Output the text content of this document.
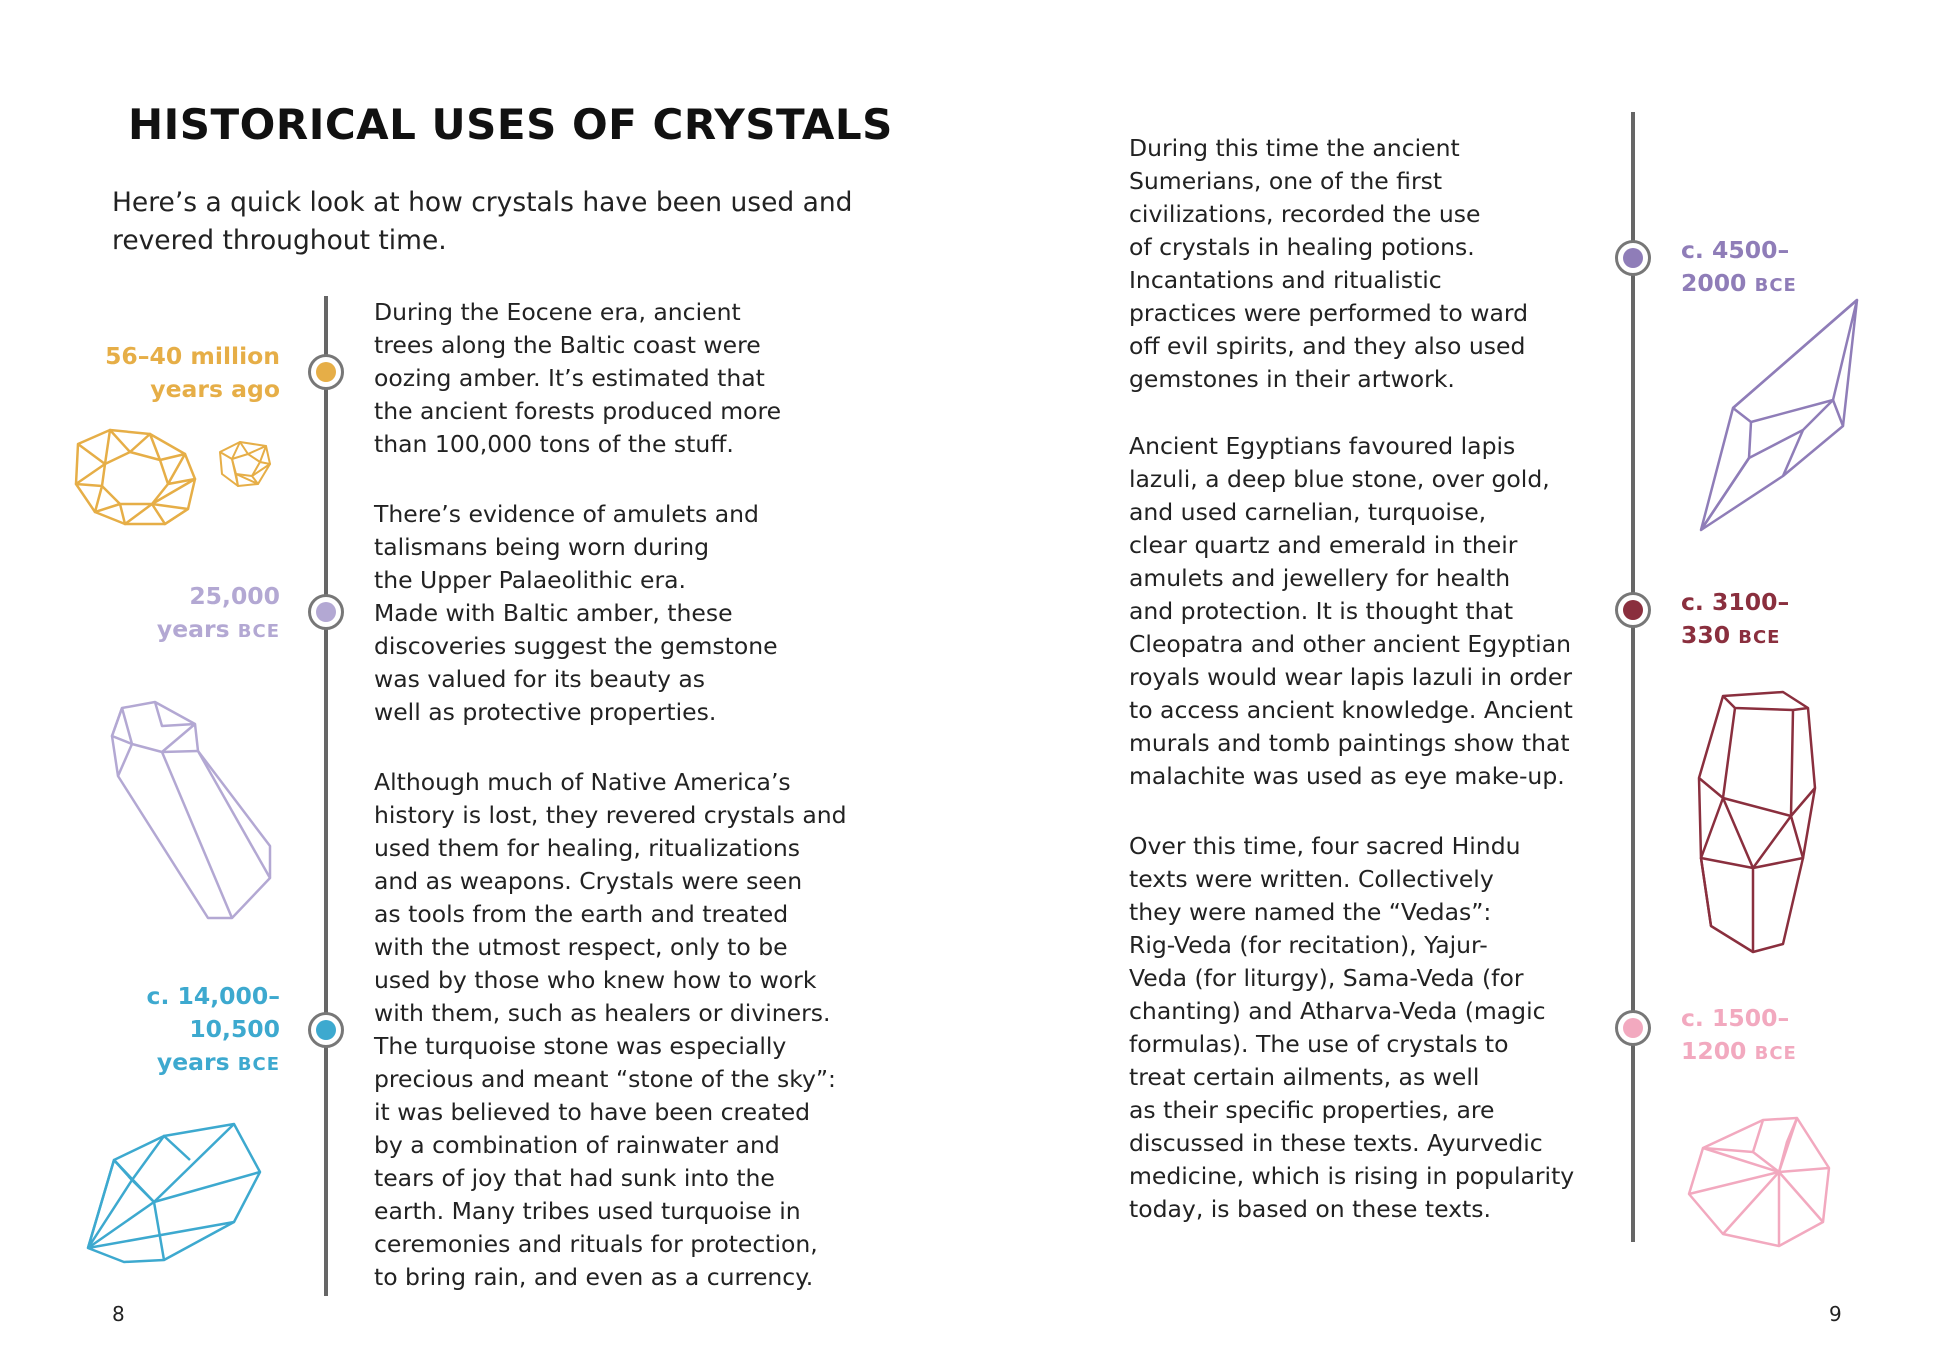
HISTORICAL USES OF CRYSTALS

Here’s a quick look at how crystals have been used and
revered throughout time.

56–40 million
years ago

During the Eocene era, ancient
trees along the Baltic coast were
oozing amber. It’s estimated that
the ancient forests produced more
than 100,000 tons of the stuff.

25,000
years BCE

There’s evidence of amulets and
talismans being worn during
the Upper Palaeolithic era.
Made with Baltic amber, these
discoveries suggest the gemstone
was valued for its beauty as
well as protective properties.

c. 14,000–
10,500
years BCE

Although much of Native America’s
history is lost, they revered crystals and
used them for healing, ritualizations
and as weapons. Crystals were seen
as tools from the earth and treated
with the utmost respect, only to be
used by those who knew how to work
with them, such as healers or diviners.
The turquoise stone was especially
precious and meant “stone of the sky”:
it was believed to have been created
by a combination of rainwater and
tears of joy that had sunk into the
earth. Many tribes used turquoise in
ceremonies and rituals for protection,
to bring rain, and even as a currency.

8

During this time the ancient
Sumerians, one of the first
civilizations, recorded the use
of crystals in healing potions.
Incantations and ritualistic
practices were performed to ward
off evil spirits, and they also used
gemstones in their artwork.

Ancient Egyptians favoured lapis
lazuli, a deep blue stone, over gold,
and used carnelian, turquoise,
clear quartz and emerald in their
amulets and jewellery for health
and protection. It is thought that
Cleopatra and other ancient Egyptian
royals would wear lapis lazuli in order
to access ancient knowledge. Ancient
murals and tomb paintings show that
malachite was used as eye make-up.

Over this time, four sacred Hindu
texts were written. Collectively
they were named the “Vedas”:
Rig-Veda (for recitation), Yajur-
Veda (for liturgy), Sama-Veda (for
chanting) and Atharva-Veda (magic
formulas). The use of crystals to
treat certain ailments, as well
as their specific properties, are
discussed in these texts. Ayurvedic
medicine, which is rising in popularity
today, is based on these texts.

c. 4500–
2000 BCE
c. 3100–
330 BCE
c. 1500–
1200 BCE
9
